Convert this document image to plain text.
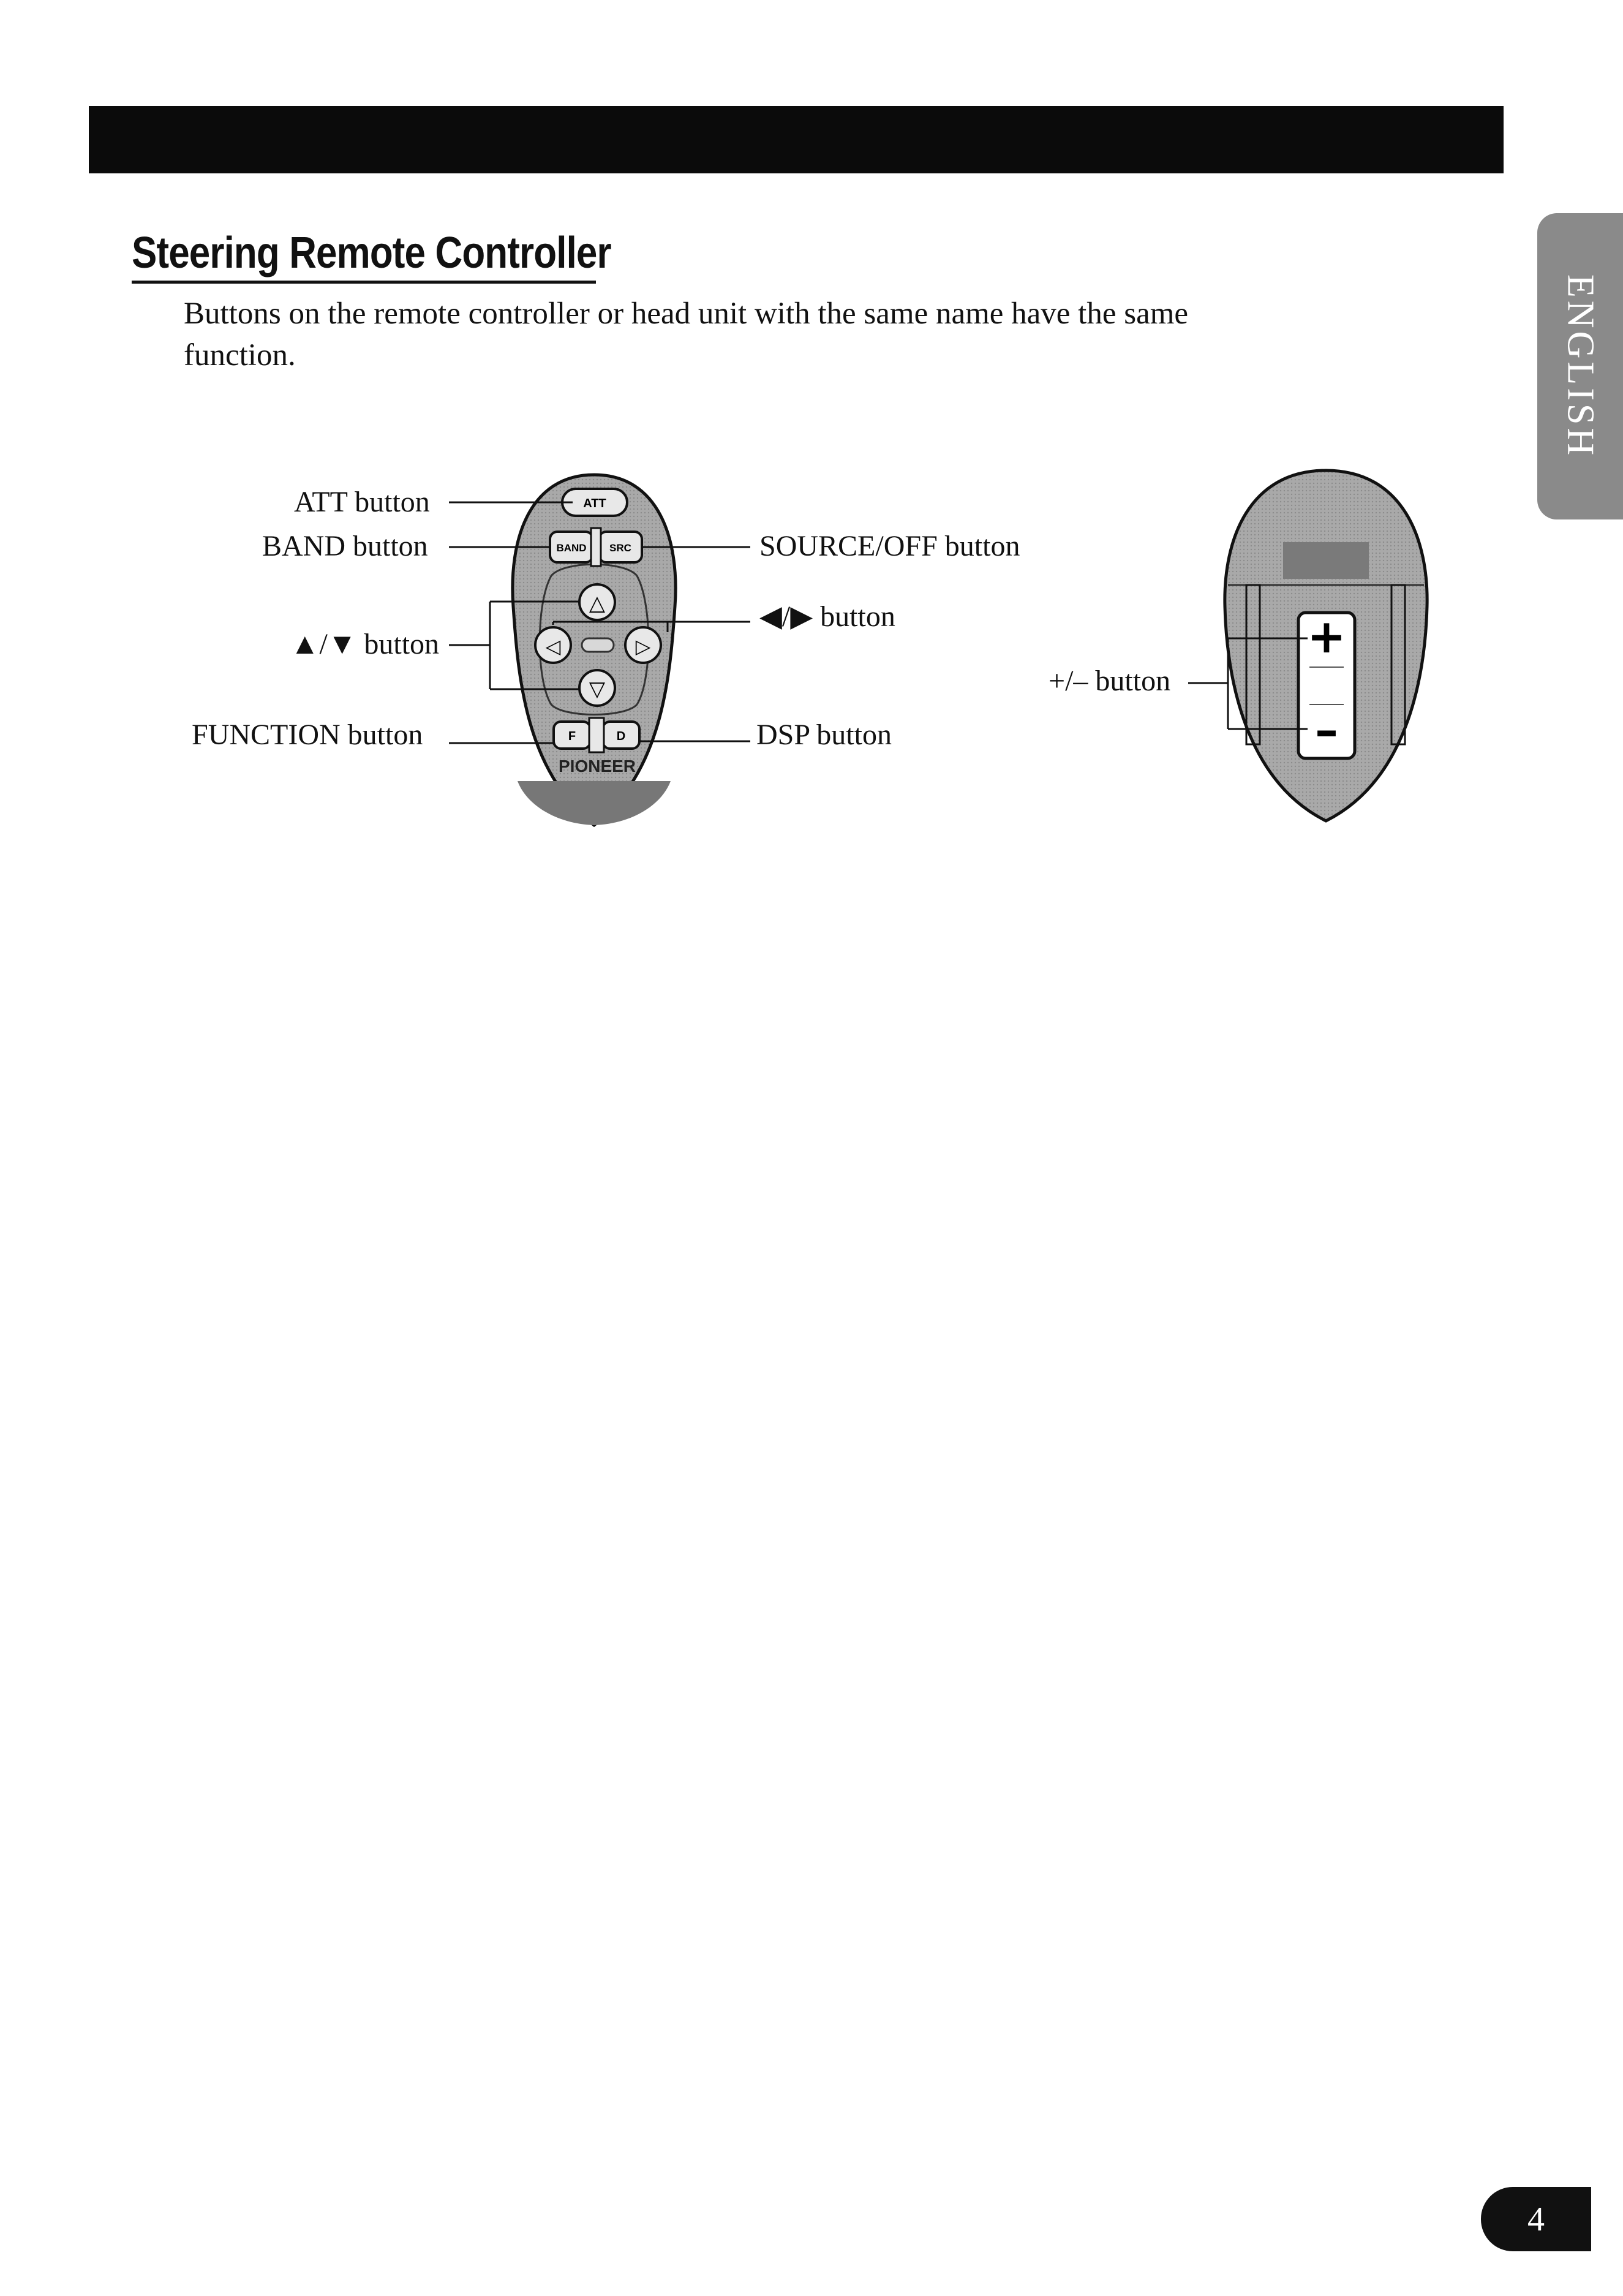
Steering Remote Controller

Buttons on the remote controller or head unit with the same name have the same function.	ENGLISH
ATT
BAND SRC
△
◁	▷
▽
F	D
PIONEER
+
–
ATT button
BAND button
▲/▼ button
FUNCTION button
SOURCE/OFF button
◀/▶ button
DSP button
+/– button
4
